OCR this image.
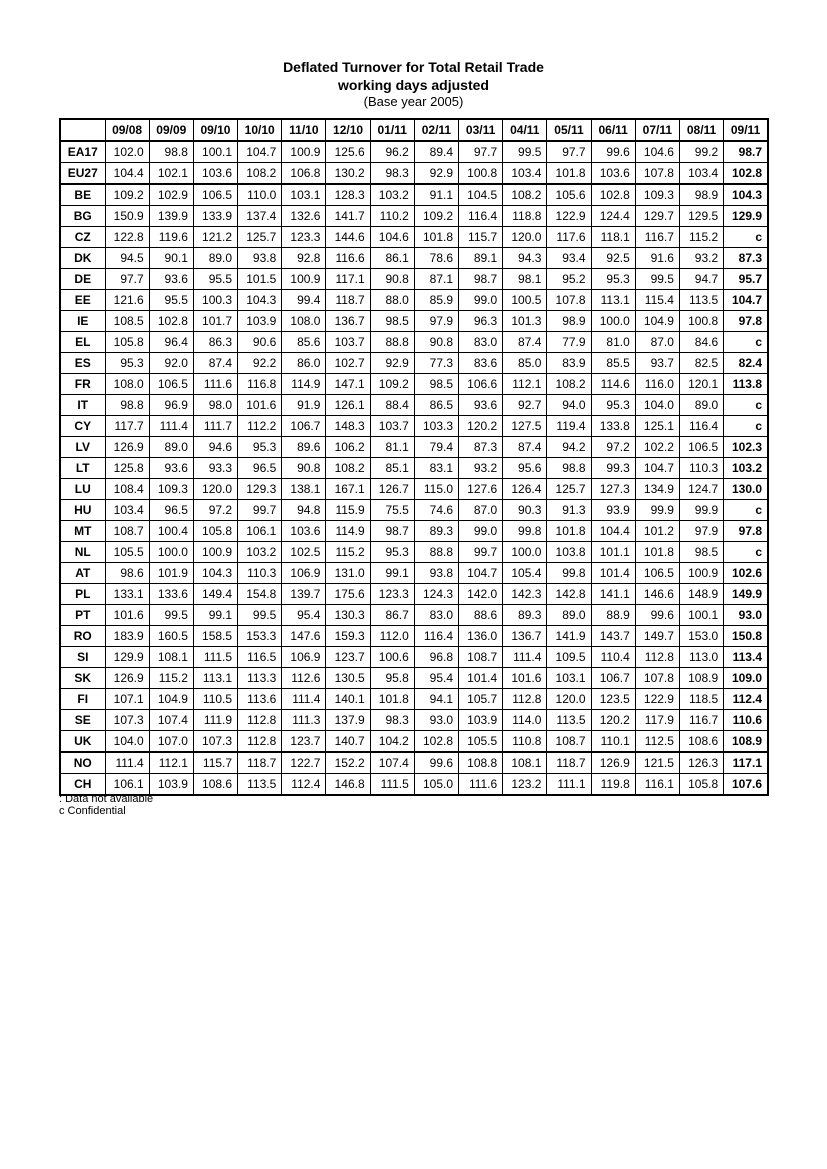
Deflated Turnover for Total Retail Trade
working days adjusted
(Base year 2005)
	09/08	09/09	09/10	10/10	11/10	12/10	01/11	02/11	03/11	04/11	05/11	06/11	07/11	08/11	09/11
EA17	102.0	98.8	100.1	104.7	100.9	125.6	96.2	89.4	97.7	99.5	97.7	99.6	104.6	99.2	98.7
EU27	104.4	102.1	103.6	108.2	106.8	130.2	98.3	92.9	100.8	103.4	101.8	103.6	107.8	103.4	102.8
BE	109.2	102.9	106.5	110.0	103.1	128.3	103.2	91.1	104.5	108.2	105.6	102.8	109.3	98.9	104.3
BG	150.9	139.9	133.9	137.4	132.6	141.7	110.2	109.2	116.4	118.8	122.9	124.4	129.7	129.5	129.9
CZ	122.8	119.6	121.2	125.7	123.3	144.6	104.6	101.8	115.7	120.0	117.6	118.1	116.7	115.2	c
DK	94.5	90.1	89.0	93.8	92.8	116.6	86.1	78.6	89.1	94.3	93.4	92.5	91.6	93.2	87.3
DE	97.7	93.6	95.5	101.5	100.9	117.1	90.8	87.1	98.7	98.1	95.2	95.3	99.5	94.7	95.7
EE	121.6	95.5	100.3	104.3	99.4	118.7	88.0	85.9	99.0	100.5	107.8	113.1	115.4	113.5	104.7
IE	108.5	102.8	101.7	103.9	108.0	136.7	98.5	97.9	96.3	101.3	98.9	100.0	104.9	100.8	97.8
EL	105.8	96.4	86.3	90.6	85.6	103.7	88.8	90.8	83.0	87.4	77.9	81.0	87.0	84.6	c
ES	95.3	92.0	87.4	92.2	86.0	102.7	92.9	77.3	83.6	85.0	83.9	85.5	93.7	82.5	82.4
FR	108.0	106.5	111.6	116.8	114.9	147.1	109.2	98.5	106.6	112.1	108.2	114.6	116.0	120.1	113.8
IT	98.8	96.9	98.0	101.6	91.9	126.1	88.4	86.5	93.6	92.7	94.0	95.3	104.0	89.0	c
CY	117.7	111.4	111.7	112.2	106.7	148.3	103.7	103.3	120.2	127.5	119.4	133.8	125.1	116.4	c
LV	126.9	89.0	94.6	95.3	89.6	106.2	81.1	79.4	87.3	87.4	94.2	97.2	102.2	106.5	102.3
LT	125.8	93.6	93.3	96.5	90.8	108.2	85.1	83.1	93.2	95.6	98.8	99.3	104.7	110.3	103.2
LU	108.4	109.3	120.0	129.3	138.1	167.1	126.7	115.0	127.6	126.4	125.7	127.3	134.9	124.7	130.0
HU	103.4	96.5	97.2	99.7	94.8	115.9	75.5	74.6	87.0	90.3	91.3	93.9	99.9	99.9	c
MT	108.7	100.4	105.8	106.1	103.6	114.9	98.7	89.3	99.0	99.8	101.8	104.4	101.2	97.9	97.8
NL	105.5	100.0	100.9	103.2	102.5	115.2	95.3	88.8	99.7	100.0	103.8	101.1	101.8	98.5	c
AT	98.6	101.9	104.3	110.3	106.9	131.0	99.1	93.8	104.7	105.4	99.8	101.4	106.5	100.9	102.6
PL	133.1	133.6	149.4	154.8	139.7	175.6	123.3	124.3	142.0	142.3	142.8	141.1	146.6	148.9	149.9
PT	101.6	99.5	99.1	99.5	95.4	130.3	86.7	83.0	88.6	89.3	89.0	88.9	99.6	100.1	93.0
RO	183.9	160.5	158.5	153.3	147.6	159.3	112.0	116.4	136.0	136.7	141.9	143.7	149.7	153.0	150.8
SI	129.9	108.1	111.5	116.5	106.9	123.7	100.6	96.8	108.7	111.4	109.5	110.4	112.8	113.0	113.4
SK	126.9	115.2	113.1	113.3	112.6	130.5	95.8	95.4	101.4	101.6	103.1	106.7	107.8	108.9	109.0
FI	107.1	104.9	110.5	113.6	111.4	140.1	101.8	94.1	105.7	112.8	120.0	123.5	122.9	118.5	112.4
SE	107.3	107.4	111.9	112.8	111.3	137.9	98.3	93.0	103.9	114.0	113.5	120.2	117.9	116.7	110.6
UK	104.0	107.0	107.3	112.8	123.7	140.7	104.2	102.8	105.5	110.8	108.7	110.1	112.5	108.6	108.9
NO	111.4	112.1	115.7	118.7	122.7	152.2	107.4	99.6	108.8	108.1	118.7	126.9	121.5	126.3	117.1
CH	106.1	103.9	108.6	113.5	112.4	146.8	111.5	105.0	111.6	123.2	111.1	119.8	116.1	105.8	107.6
: Data not available
c Confidential
